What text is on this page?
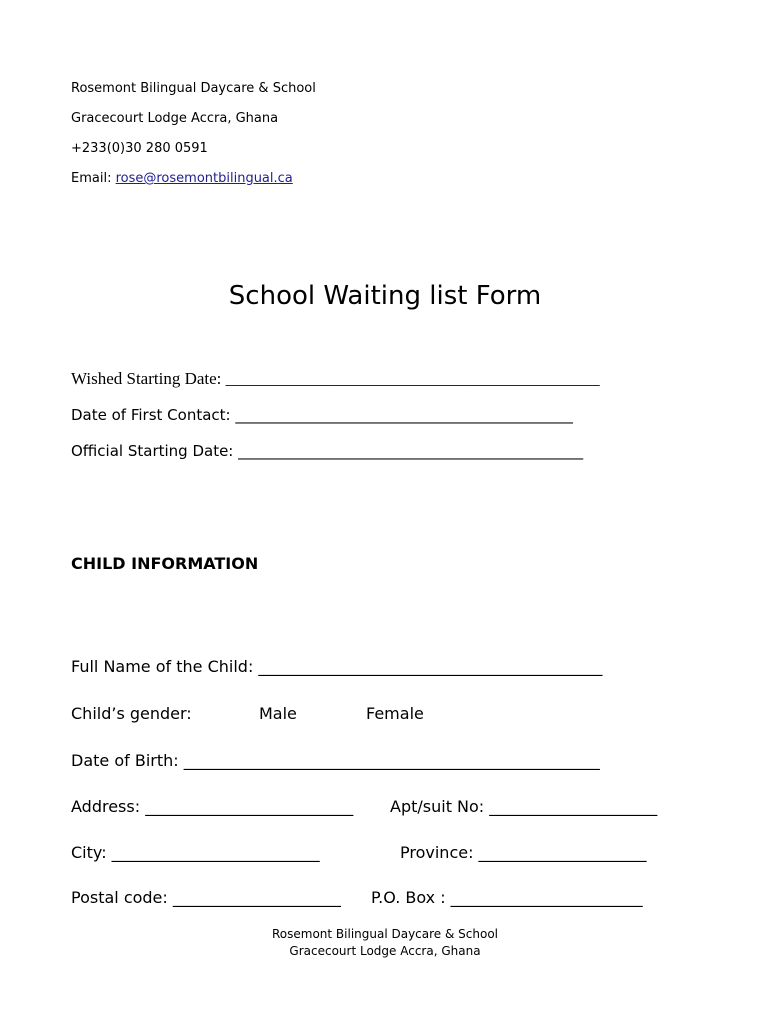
Rosemont Bilingual Daycare & School
Gracecourt Lodge Accra, Ghana
+233(0)30 280 0591
Email: rose@rosemontbilingual.ca
School Waiting list Form
Wished Starting Date: ____________________________________________
Date of First Contact: _____________________________________________
Official Starting Date: ______________________________________________
CHILD INFORMATION
Full Name of the Child: ___________________________________________
Child’s gender:	Male	Female
Date of Birth: ____________________________________________________
Address: __________________________ Apt/suit No: _____________________
City: __________________________	Province: _____________________
Postal code: _____________________ P.O. Box : ________________________
Rosemont Bilingual Daycare & School
Gracecourt Lodge Accra, Ghana
